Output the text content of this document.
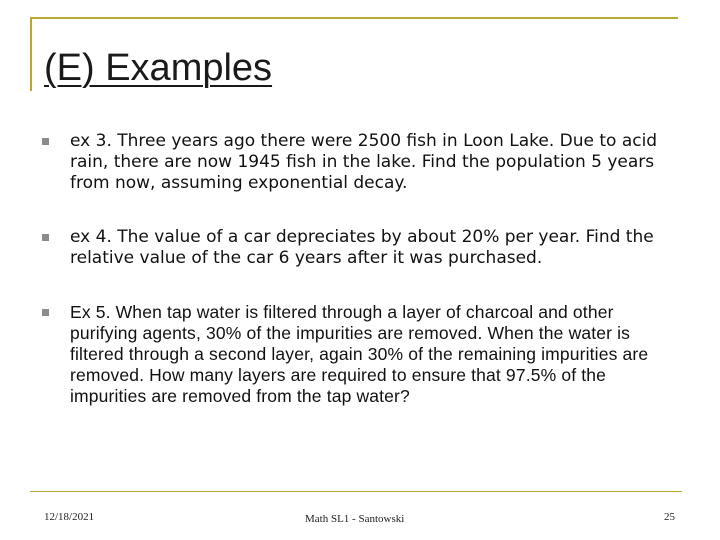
(E) Examples
ex 3. Three years ago there were 2500 fish in Loon Lake. Due to acid rain, there are now 1945 fish in the lake. Find the population 5 years from now, assuming exponential decay.
ex 4. The value of a car depreciates by about 20% per year. Find the relative value of the car 6 years after it was purchased.
Ex 5. When tap water is filtered through a layer of charcoal and other purifying agents, 30% of the impurities are removed. When the water is filtered through a second layer, again 30% of the remaining impurities are removed. How many layers are required to ensure that 97.5% of the impurities are removed from the tap water?
12/18/2021	Math SL1 - Santowski	25
